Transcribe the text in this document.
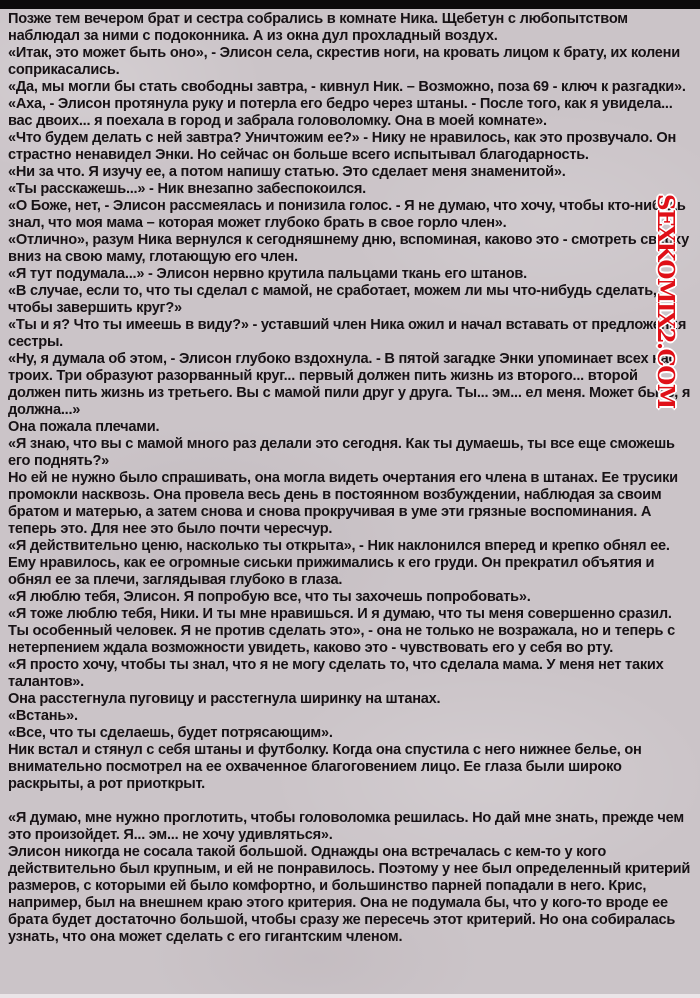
Позже тем вечером брат и сестра собрались в комнате Ника. Щебетун с любопытством наблюдал за ними с подоконника. А из окна дул прохладный воздух.

«Итак, это может быть оно», - Элисон села, скрестив ноги, на кровать лицом к брату, их колени соприкасались.

«Да, мы могли бы стать свободны завтра, - кивнул Ник. – Возможно, поза 69 - ключ к разгадки».

«Аха, - Элисон протянула руку и потерла его бедро через штаны. - После того, как я увидела... вас двоих... я поехала в город и забрала головоломку. Она в моей комнате».

«Что будем делать с ней завтра? Уничтожим ее?» - Нику не нравилось, как это прозвучало. Он страстно ненавидел Энки. Но сейчас он больше всего испытывал благодарность.

«Ни за что. Я изучу ее, а потом напишу статью. Это сделает меня знаменитой».

«Ты расскажешь...» - Ник внезапно забеспокоился.

«О Боже, нет, - Элисон рассмеялась и понизила голос. - Я не думаю, что хочу, чтобы кто-нибудь знал, что моя мама – которая может глубоко брать в свое горло член».

«Отлично», разум Ника вернулся к сегодняшнему дню, вспоминая, каково это - смотреть сверху вниз на свою маму, глотающую его член.

«Я тут подумала...» - Элисон нервно крутила пальцами ткань его штанов.

«В случае, если то, что ты сделал с мамой, не сработает, можем ли мы что-нибудь сделать, чтобы завершить круг?»

«Ты и я? Что ты имеешь в виду?» - уставший член Ника ожил и начал вставать от предложения сестры.

«Ну, я думала об этом, - Элисон глубоко вздохнула. - В пятой загадке Энки упоминает всех нас троих. Три образуют разорванный круг... первый должен пить жизнь из второго... второй должен пить жизнь из третьего. Вы с мамой пили друг у друга. Ты... эм... ел меня. Может быть, я должна...»

Она пожала плечами.

«Я знаю, что вы с мамой много раз делали это сегодня. Как ты думаешь, ты все еще сможешь его поднять?»

Но ей не нужно было спрашивать, она могла видеть очертания его члена в штанах. Ее трусики промокли насквозь. Она провела весь день в постоянном возбуждении, наблюдая за своим братом и матерью, а затем снова и снова прокручивая в уме эти грязные воспоминания. А теперь это. Для нее это было почти чересчур.

«Я действительно ценю, насколько ты открыта», - Ник наклонился вперед и крепко обнял ее. Ему нравилось, как ее огромные сиськи прижимались к его груди. Он прекратил объятия и обнял ее за плечи, заглядывая глубоко в глаза.

«Я люблю тебя, Элисон. Я попробую все, что ты захочешь попробовать».

«Я тоже люблю тебя, Ники. И ты мне нравишься. И я думаю, что ты меня совершенно сразил. Ты особенный человек. Я не против сделать это», - она не только не возражала, но и теперь с нетерпением ждала возможности увидеть, каково это - чувствовать его у себя во рту.

«Я просто хочу, чтобы ты знал, что я не могу сделать то, что сделала мама. У меня нет таких талантов».

Она расстегнула пуговицу и расстегнула ширинку на штанах.

«Встань».

«Все, что ты сделаешь, будет потрясающим».

Ник встал и стянул с себя штаны и футболку. Когда она спустила с него нижнее белье, он внимательно посмотрел на ее охваченное благоговением лицо. Ее глаза были широко раскрыты, а рот приоткрыт.

«Я думаю, мне нужно проглотить, чтобы головоломка решилась. Но дай мне знать, прежде чем это произойдет. Я... эм... не хочу удивляться».

Элисон никогда не сосала такой большой. Однажды она встречалась с кем-то у кого действительно был крупным, и ей не понравилось. Поэтому у нее был определенный критерий размеров, с которыми ей было комфортно, и большинство парней попадали в него. Крис, например, был на внешнем краю этого критерия. Она не подумала бы, что у кого-то вроде ее брата будет достаточно большой, чтобы сразу же пересечь этот критерий. Но она собиралась узнать, что она может сделать с его гигантским членом.

SEXKOMIX2.COM
